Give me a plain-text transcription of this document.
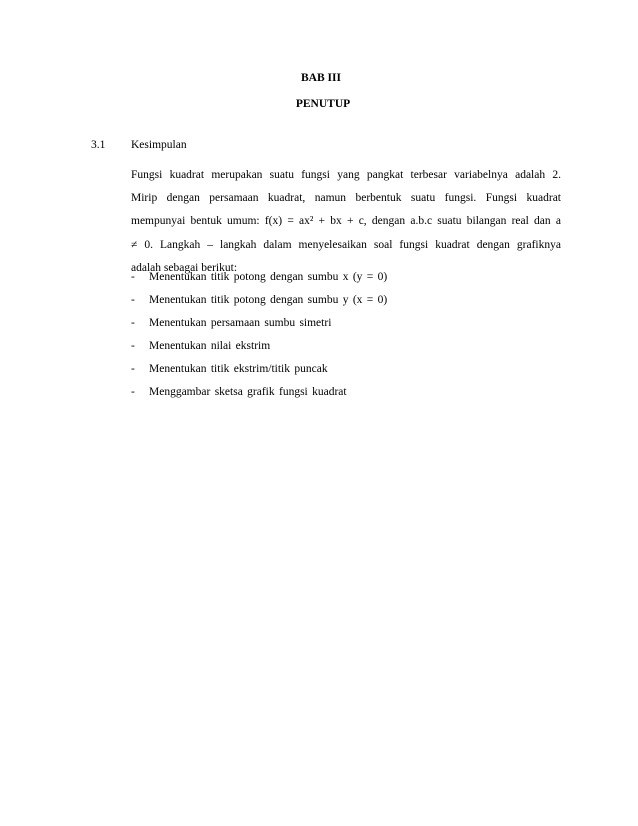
BAB III
PENUTUP
3.1 Kesimpulan

Fungsi kuadrat merupakan suatu fungsi yang pangkat terbesar variabelnya adalah 2.
Mirip dengan persamaan kuadrat, namun berbentuk suatu fungsi. Fungsi kuadrat
mempunyai bentuk umum: f(x) = ax² + bx + c, dengan a.b.c suatu bilangan real dan a
≠ 0. Langkah – langkah dalam menyelesaikan soal fungsi kuadrat dengan grafiknya
adalah sebagai berikut:

- Menentukan titik potong dengan sumbu x (y = 0)
- Menentukan titik potong dengan sumbu y (x = 0)
- Menentukan persamaan sumbu simetri
- Menentukan nilai ekstrim
- Menentukan titik ekstrim/titik puncak
- Menggambar sketsa grafik fungsi kuadrat
